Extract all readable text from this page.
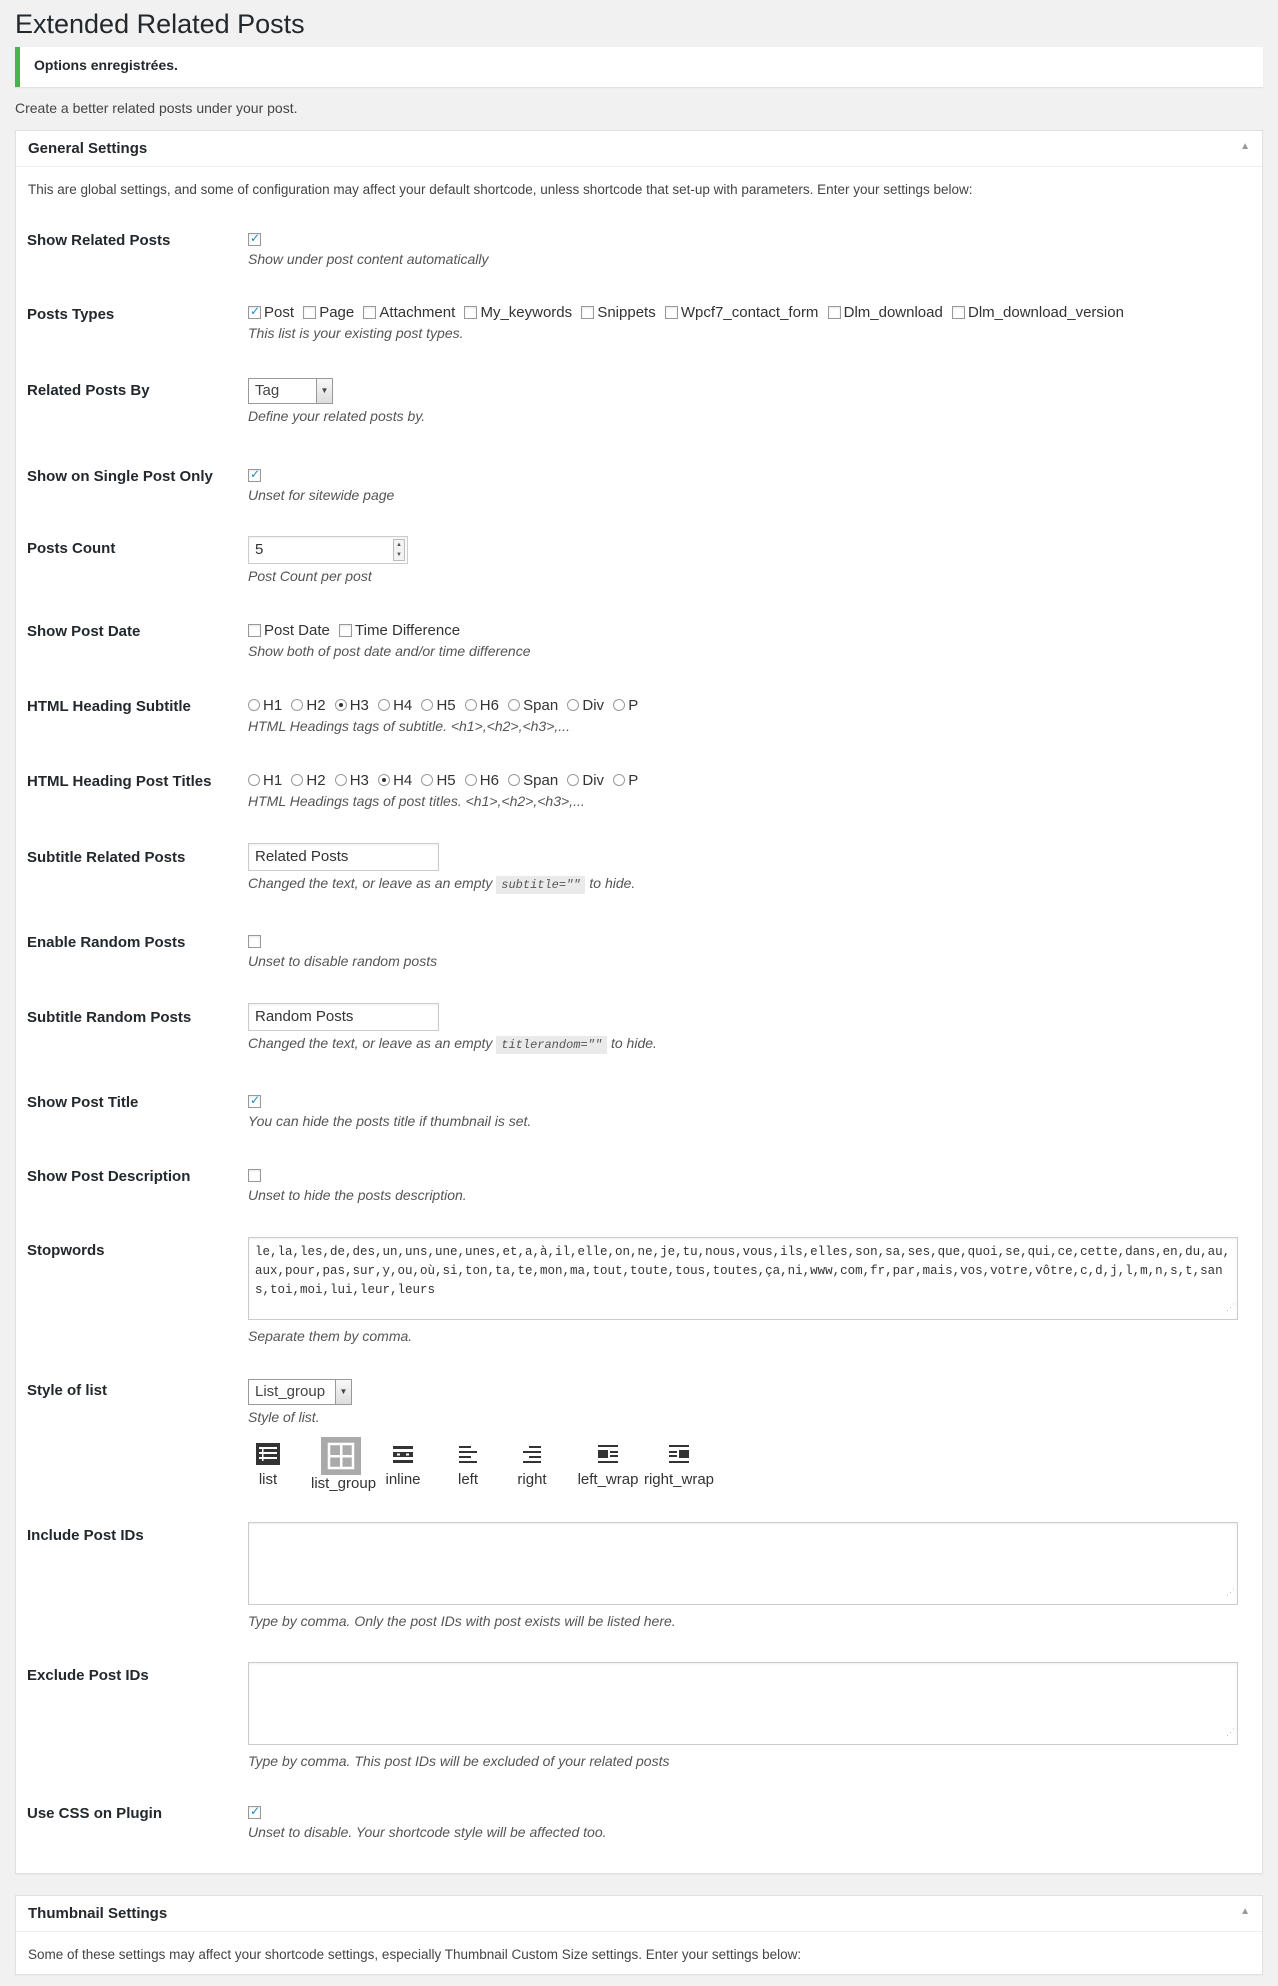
Extended Related Posts
Options enregistrées.
Create a better related posts under your post.
General Settings	▲
This are global settings, and some of configuration may affect your default shortcode, unless shortcode that set-up with parameters. Enter your settings below:
Show Related Posts
✓
Show under post content automatically
Posts Types
✓	Post Page Attachment My_keywords Snippets Wpcf7_contact_form Dlm_download Dlm_download_version
This list is your existing post types.
Related Posts By	Tag	▼
Define your related posts by.
Show on Single Post Only
✓
Unset for sitewide page
Posts Count	5	▲
▼
Post Count per post
Show Post Date	Post Date Time Difference
Show both of post date and/or time difference
HTML Heading Subtitle	H1 H2 H3 H4 H5 H6 Span Div P
HTML Headings tags of subtitle. <h1>,<h2>,<h3>,...
HTML Heading Post Titles	H1 H2 H3 H4 H5 H6 Span Div P
HTML Headings tags of post titles. <h1>,<h2>,<h3>,...
Subtitle Related Posts	Related Posts
Changed the text, or leave as an empty subtitle="" to hide.
Enable Random Posts
Unset to disable random posts
Subtitle Random Posts	Random Posts
Changed the text, or leave as an empty titlerandom="" to hide.
Show Post Title
✓
You can hide the posts title if thumbnail is set.
Show Post Description
Unset to hide the posts description.
Stopwords	le,la,les,de,des,un,uns,une,unes,et,a,à,il,elle,on,ne,je,tu,nous,vous,ils,elles,son,sa,ses,que,quoi,se,qui,ce,cette,dans,en,du,au,aux,pour,pas,sur,y,ou,où,si,ton,ta,te,mon,ma,tout,toute,tous,toutes,ça,ni,www,com,fr,par,mais,vos,votre,vôtre,c,d,j,l,m,n,s,t,sans,toi,moi,lui,leur,leurs
⋰
Separate them by comma.
Style of list	List_group	▼
Style of list.
Include Post IDs
⋰
Type by comma. Only the post IDs with post exists will be listed here.
Exclude Post IDs
⋰
Type by comma. This post IDs will be excluded of your related posts
Use CSS on Plugin
✓
Unset to disable. Your shortcode style will be affected too.
list	list_group inline	left	right	left_wrap right_wrap
Thumbnail Settings	▲
Some of these settings may affect your shortcode settings, especially Thumbnail Custom Size settings. Enter your settings below:
